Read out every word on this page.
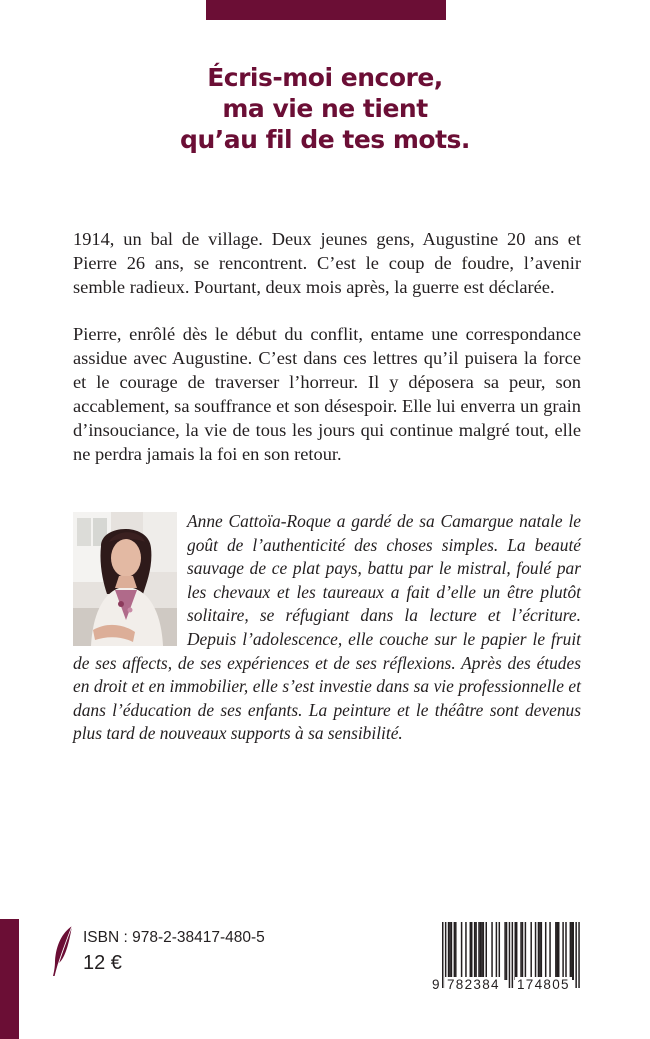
Écris-moi encore,
ma vie ne tient
qu’au fil de tes mots.

1914, un bal de village. Deux jeunes gens, Augustine 20 ans et Pierre 26 ans, se rencontrent. C’est le coup de foudre, l’avenir semble radieux. Pourtant, deux mois après, la guerre est déclarée.

Pierre, enrôlé dès le début du conflit, entame une correspondance assidue avec Augustine. C’est dans ces lettres qu’il puisera la force et le courage de traverser l’horreur. Il y déposera sa peur, son accablement, sa souffrance et son désespoir. Elle lui enverra un grain d’insouciance, la vie de tous les jours qui continue malgré tout, elle ne perdra jamais la foi en son retour.

Anne Cattoïa-Roque a gardé de sa Camargue natale le goût de l’authenticité des choses simples. La beauté sauvage de ce plat pays, battu par le mistral, foulé par les chevaux et les taureaux a fait d’elle un être plutôt solitaire, se réfugiant dans la lecture et l’écriture. Depuis l’adolescence, elle couche sur le papier le fruit de ses affects, de ses expériences et de ses réflexions. Après des études en droit et en immobilier, elle s’est investie dans sa vie professionnelle et dans l’éducation de ses enfants. La peinture et le théâtre sont devenus plus tard de nouveaux supports à sa sensibilité.
ISBN : 978-2-38417-480-5
12 €
9 782384 174805
